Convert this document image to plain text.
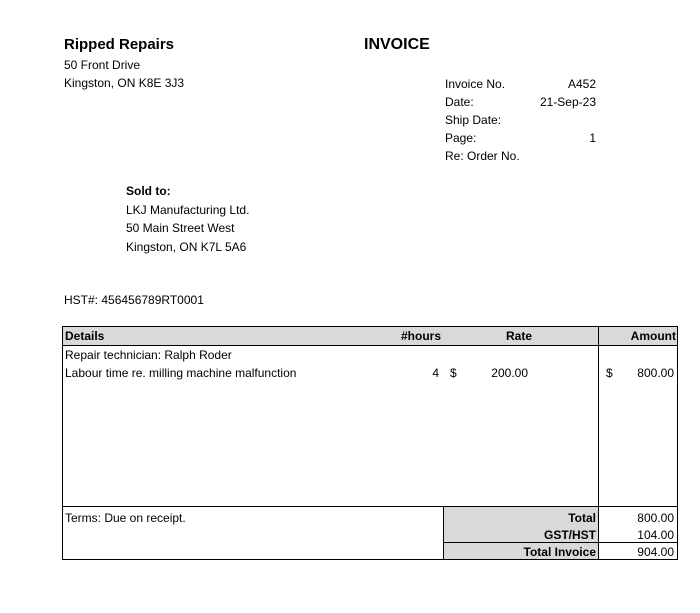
Ripped Repairs
50 Front Drive
Kingston, ON K8E 3J3
INVOICE
Invoice No.	A452
Date:	21-Sep-23
Ship Date:
Page:	1
Re: Order No.
Sold to:
LKJ Manufacturing Ltd.
50 Main Street West
Kingston, ON K7L 5A6
HST#: 456456789RT0001
Details	#hours	Rate	Amount
Repair technician: Ralph Roder
Labour time re. milling machine malfunction	4 $	200.00	$ 800.00
Terms: Due on receipt.	Total	800.00
GST/HST	104.00
Total Invoice	904.00
